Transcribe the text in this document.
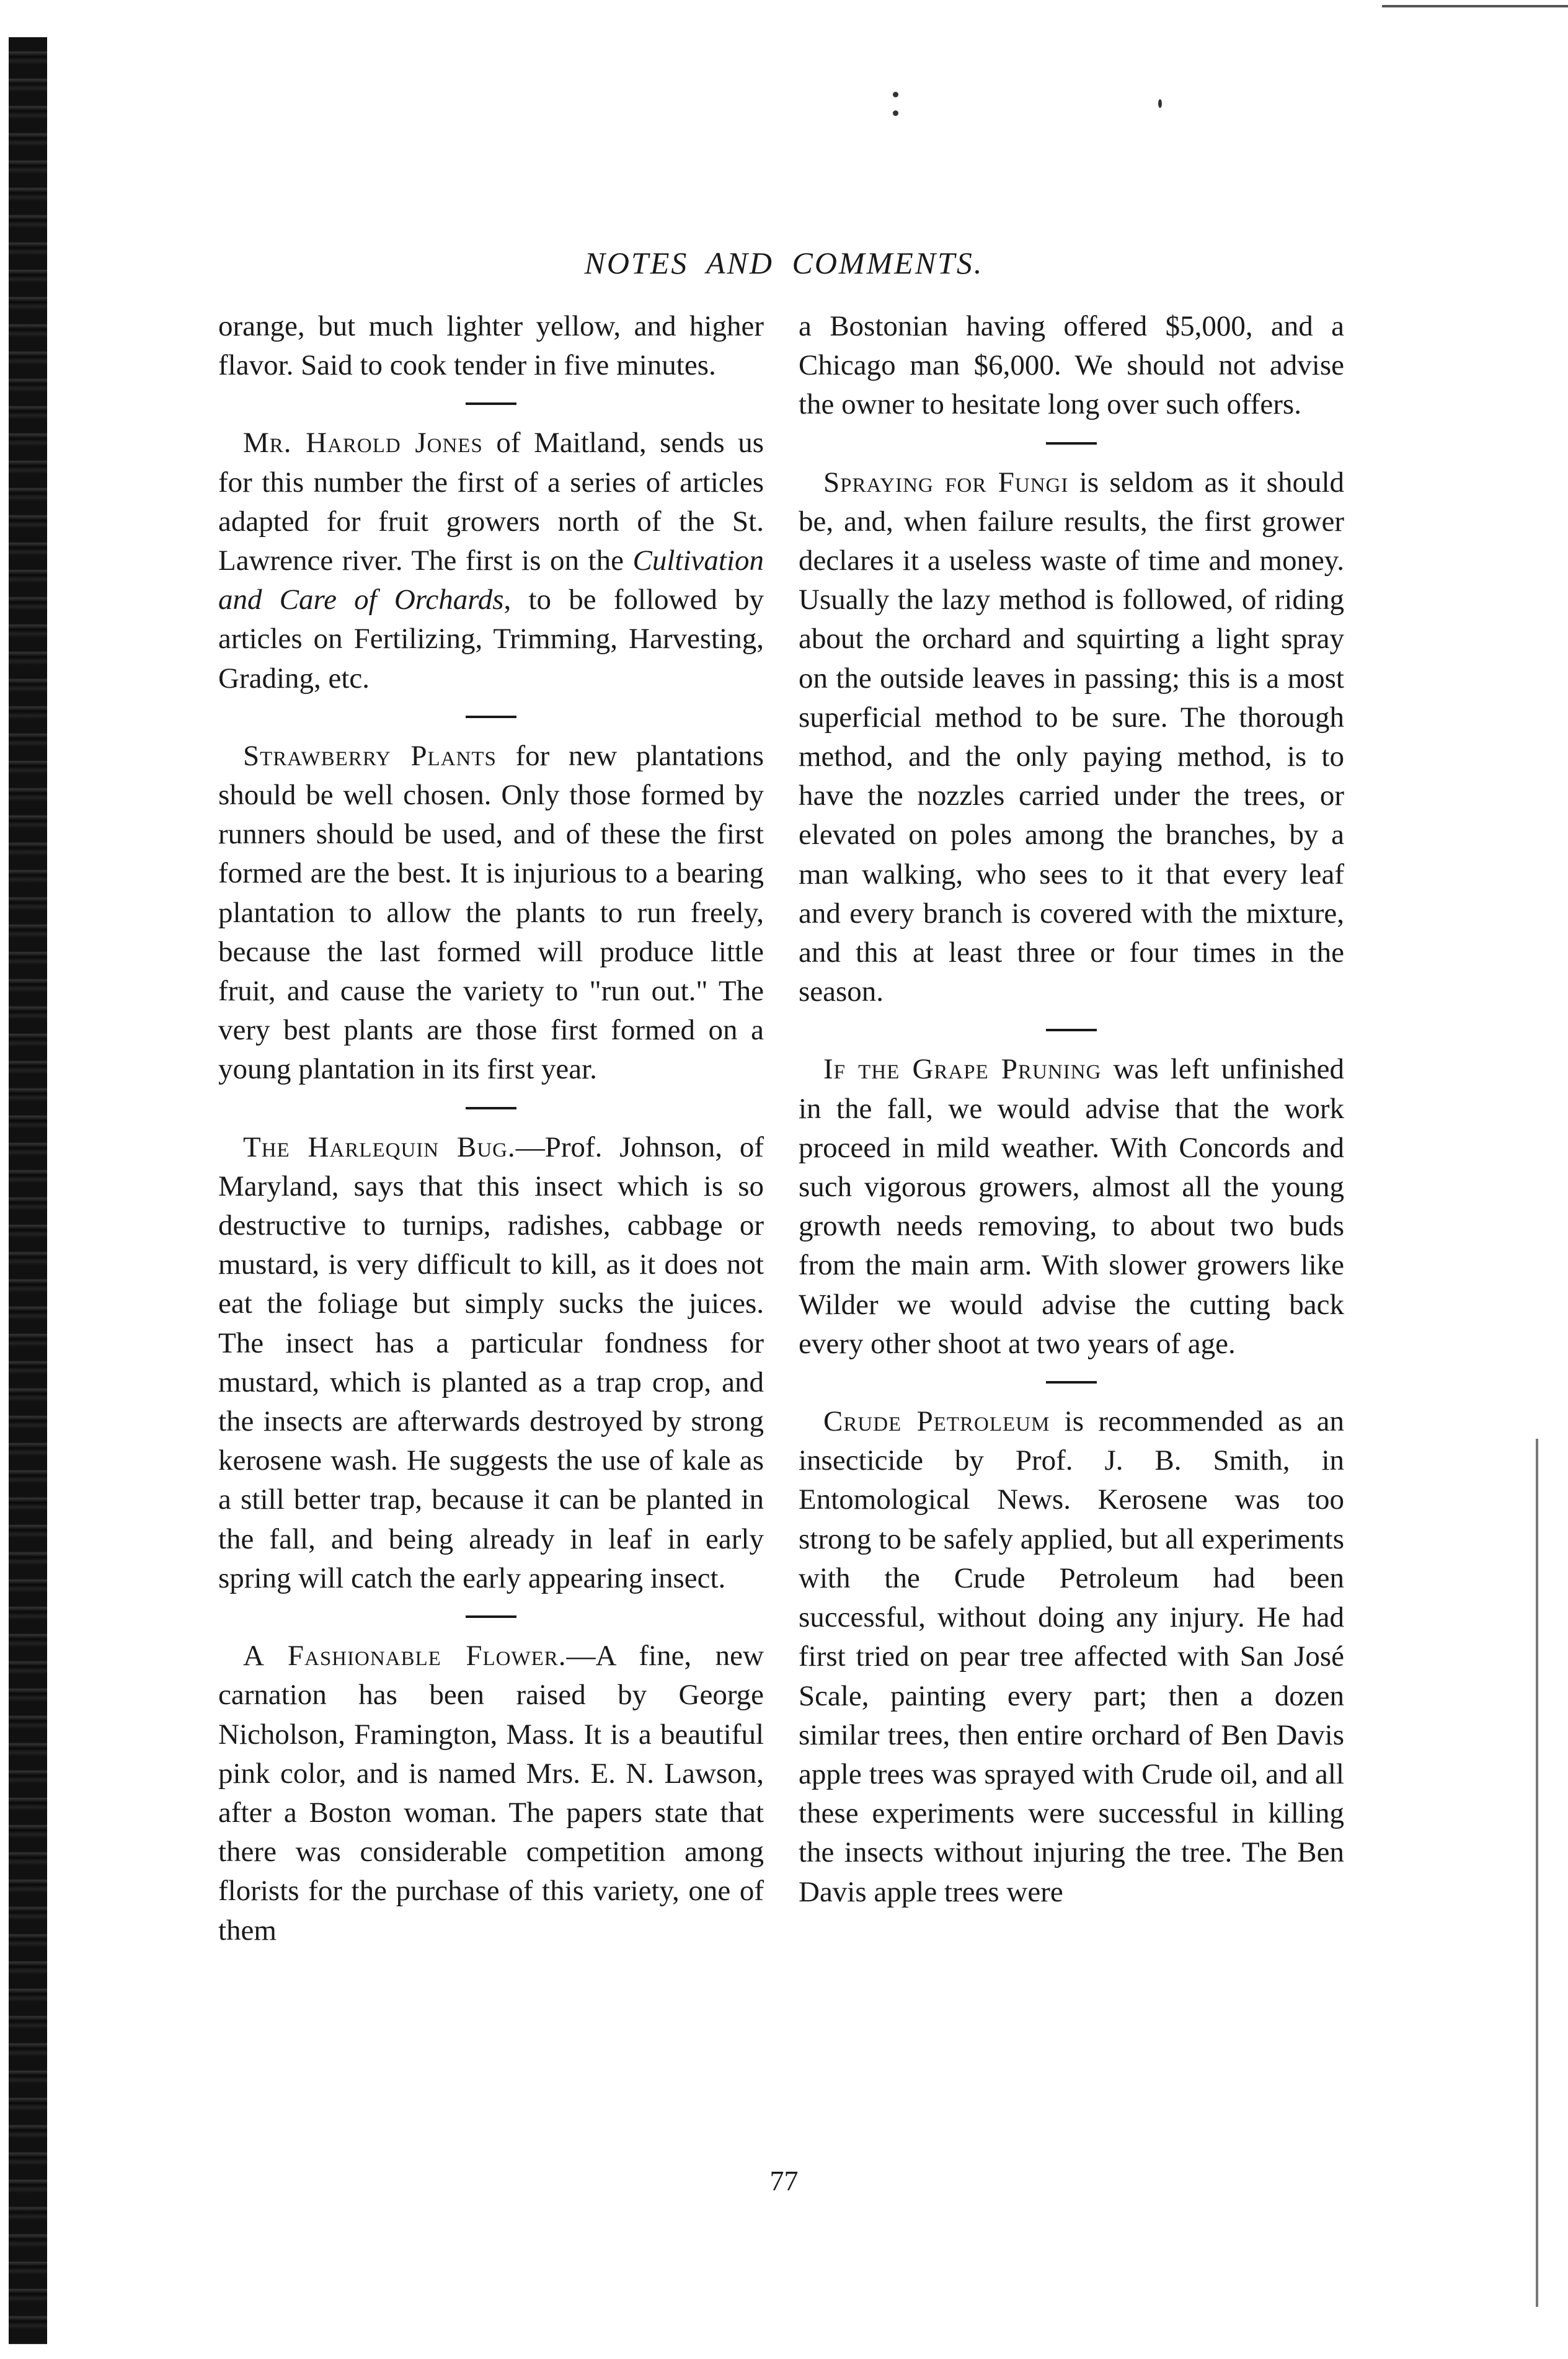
NOTES AND COMMENTS.

orange, but much lighter yellow, and higher flavor. Said to cook tender in five minutes.

Mr. Harold Jones of Maitland, sends us for this number the first of a series of articles adapted for fruit growers north of the St. Lawrence river. The first is on the Cultivation and Care of Orchards, to be followed by articles on Fertilizing, Trimming, Harvesting, Grading, etc.

Strawberry Plants for new plantations should be well chosen. Only those formed by runners should be used, and of these the first formed are the best. It is injurious to a bearing plantation to allow the plants to run freely, because the last formed will produce little fruit, and cause the variety to "run out." The very best plants are those first formed on a young plantation in its first year.

The Harlequin Bug.—Prof. Johnson, of Maryland, says that this insect which is so destructive to turnips, radishes, cabbage or mustard, is very difficult to kill, as it does not eat the foliage but simply sucks the juices. The insect has a particular fondness for mustard, which is planted as a trap crop, and the insects are afterwards destroyed by strong kerosene wash. He suggests the use of kale as a still better trap, because it can be planted in the fall, and being already in leaf in early spring will catch the early appearing insect.

A Fashionable Flower.—A fine, new carnation has been raised by George Nicholson, Framington, Mass. It is a beautiful pink color, and is named Mrs. E. N. Lawson, after a Boston woman. The papers state that there was considerable competition among florists for the purchase of this variety, one of them

a Bostonian having offered $5,000, and a Chicago man $6,000. We should not advise the owner to hesitate long over such offers.

Spraying for Fungi is seldom as it should be, and, when failure results, the first grower declares it a useless waste of time and money. Usually the lazy method is followed, of riding about the orchard and squirting a light spray on the outside leaves in passing; this is a most superficial method to be sure. The thorough method, and the only paying method, is to have the nozzles carried under the trees, or elevated on poles among the branches, by a man walking, who sees to it that every leaf and every branch is covered with the mixture, and this at least three or four times in the season.

If the Grape Pruning was left unfinished in the fall, we would advise that the work proceed in mild weather. With Concords and such vigorous growers, almost all the young growth needs removing, to about two buds from the main arm. With slower growers like Wilder we would advise the cutting back every other shoot at two years of age.

Crude Petroleum is recommended as an insecticide by Prof. J. B. Smith, in Entomological News. Kerosene was too strong to be safely applied, but all experiments with the Crude Petroleum had been successful, without doing any injury. He had first tried on pear tree affected with San José Scale, painting every part; then a dozen similar trees, then entire orchard of Ben Davis apple trees was sprayed with Crude oil, and all these experiments were successful in killing the insects without injuring the tree. The Ben Davis apple trees were

77
